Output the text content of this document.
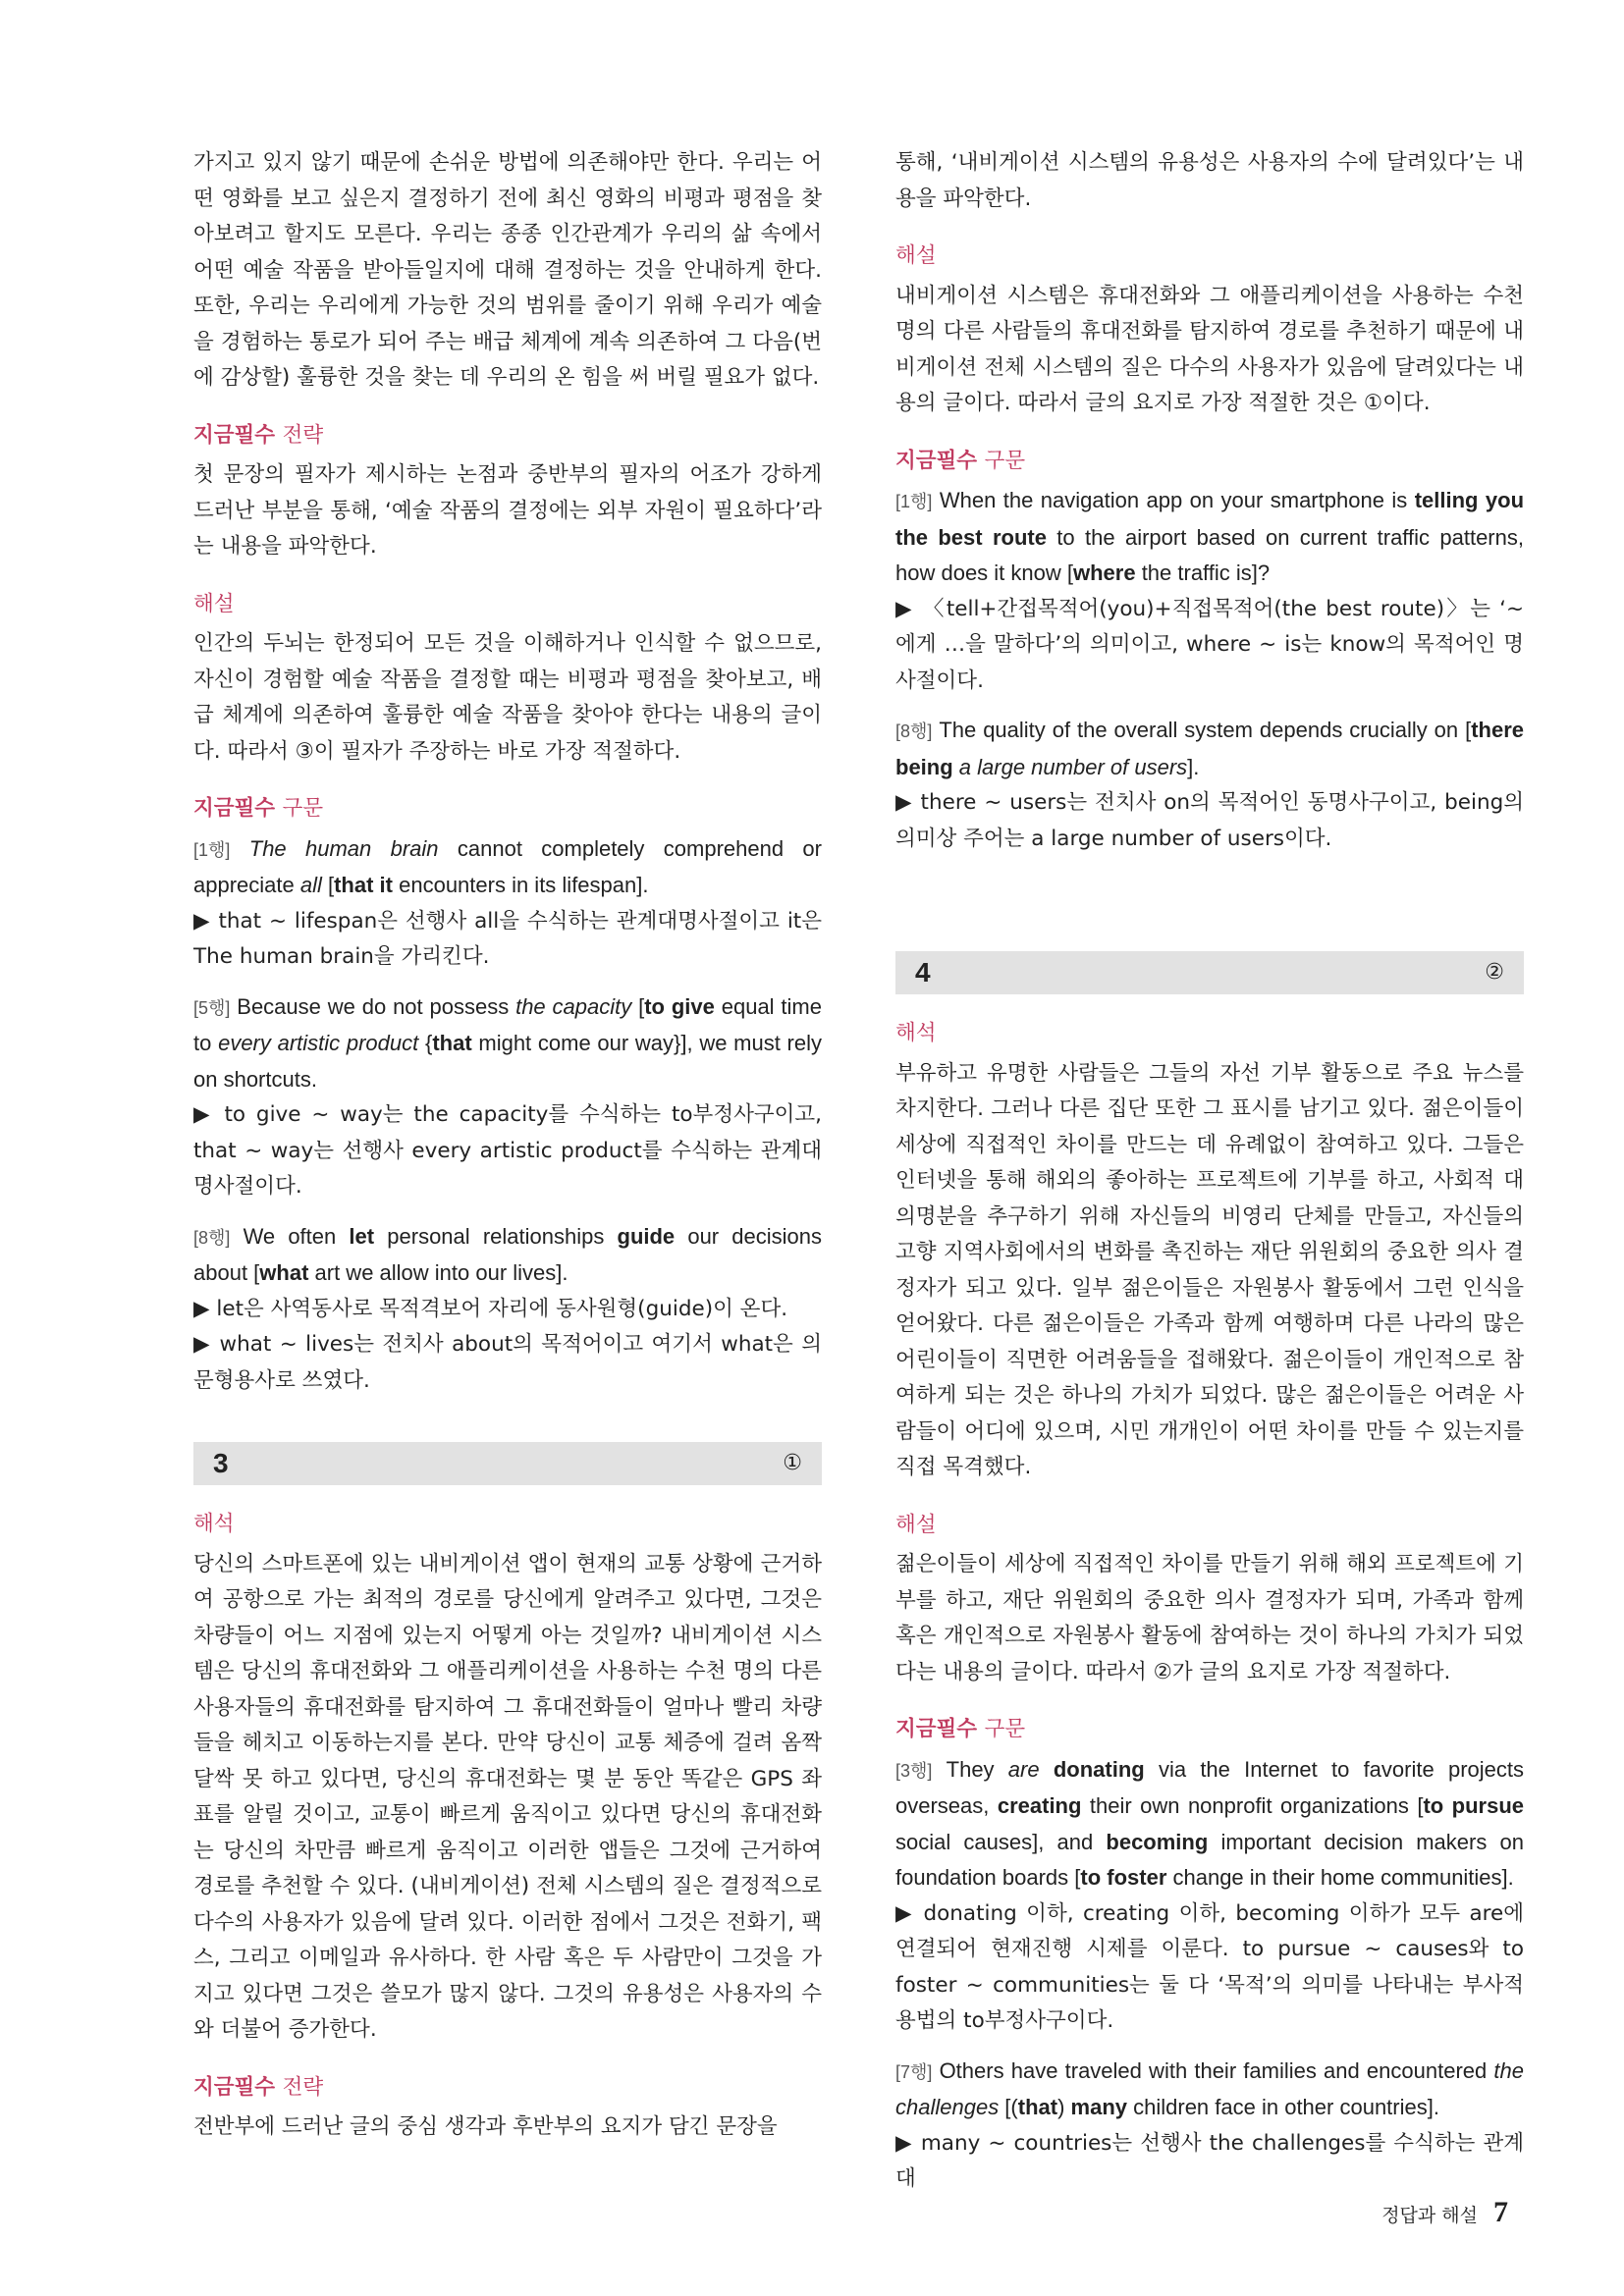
가지고 있지 않기 때문에 손쉬운 방법에 의존해야만 한다. 우리는 어떤 영화를 보고 싶은지 결정하기 전에 최신 영화의 비평과 평점을 찾아보려고 할지도 모른다. 우리는 종종 인간관계가 우리의 삶 속에서 어떤 예술 작품을 받아들일지에 대해 결정하는 것을 안내하게 한다. 또한, 우리는 우리에게 가능한 것의 범위를 줄이기 위해 우리가 예술을 경험하는 통로가 되어 주는 배급 체계에 계속 의존하여 그 다음(번에 감상할) 훌륭한 것을 찾는 데 우리의 온 힘을 써 버릴 필요가 없다.

지금필수 전략

첫 문장의 필자가 제시하는 논점과 중반부의 필자의 어조가 강하게 드러난 부분을 통해, ‘예술 작품의 결정에는 외부 자원이 필요하다’라는 내용을 파악한다.

해설

인간의 두뇌는 한정되어 모든 것을 이해하거나 인식할 수 없으므로, 자신이 경험할 예술 작품을 결정할 때는 비평과 평점을 찾아보고, 배급 체계에 의존하여 훌륭한 예술 작품을 찾아야 한다는 내용의 글이다. 따라서 ③이 필자가 주장하는 바로 가장 적절하다.

지금필수 구문

[1행] The human brain cannot completely comprehend or appreciate all [that it encounters in its lifespan].

▶ that ~ lifespan은 선행사 all을 수식하는 관계대명사절이고 it은 The human brain을 가리킨다.

[5행] Because we do not possess the capacity [to give equal time to every artistic product {that might come our way}], we must rely on shortcuts.

▶ to give ~ way는 the capacity를 수식하는 to부정사구이고, that ~ way는 선행사 every artistic product를 수식하는 관계대명사절이다.

[8행] We often let personal relationships guide our decisions about [what art we allow into our lives].

▶ let은 사역동사로 목적격보어 자리에 동사원형(guide)이 온다.

▶ what ~ lives는 전치사 about의 목적어이고 여기서 what은 의문형용사로 쓰였다.

3	①
해석

당신의 스마트폰에 있는 내비게이션 앱이 현재의 교통 상황에 근거하여 공항으로 가는 최적의 경로를 당신에게 알려주고 있다면, 그것은 차량들이 어느 지점에 있는지 어떻게 아는 것일까? 내비게이션 시스템은 당신의 휴대전화와 그 애플리케이션을 사용하는 수천 명의 다른 사용자들의 휴대전화를 탐지하여 그 휴대전화들이 얼마나 빨리 차량들을 헤치고 이동하는지를 본다. 만약 당신이 교통 체증에 걸려 옴짝달싹 못 하고 있다면, 당신의 휴대전화는 몇 분 동안 똑같은 GPS 좌표를 알릴 것이고, 교통이 빠르게 움직이고 있다면 당신의 휴대전화는 당신의 차만큼 빠르게 움직이고 이러한 앱들은 그것에 근거하여 경로를 추천할 수 있다. (내비게이션) 전체 시스템의 질은 결정적으로 다수의 사용자가 있음에 달려 있다. 이러한 점에서 그것은 전화기, 팩스, 그리고 이메일과 유사하다. 한 사람 혹은 두 사람만이 그것을 가지고 있다면 그것은 쓸모가 많지 않다. 그것의 유용성은 사용자의 수와 더불어 증가한다.

지금필수 전략

전반부에 드러난 글의 중심 생각과 후반부의 요지가 담긴 문장을

통해, ‘내비게이션 시스템의 유용성은 사용자의 수에 달려있다’는 내용을 파악한다.

해설

내비게이션 시스템은 휴대전화와 그 애플리케이션을 사용하는 수천 명의 다른 사람들의 휴대전화를 탐지하여 경로를 추천하기 때문에 내비게이션 전체 시스템의 질은 다수의 사용자가 있음에 달려있다는 내용의 글이다. 따라서 글의 요지로 가장 적절한 것은 ①이다.

지금필수 구문

[1행] When the navigation app on your smartphone is telling you the best route to the airport based on current traffic patterns, how does it know [where the traffic is]?

▶ 〈tell+간접목적어(you)+직접목적어(the best route)〉는 ‘~에게 …을 말하다’의 의미이고, where ~ is는 know의 목적어인 명사절이다.

[8행] The quality of the overall system depends crucially on [there being a large number of users].

▶ there ~ users는 전치사 on의 목적어인 동명사구이고, being의 의미상 주어는 a large number of users이다.

4	②
해석

부유하고 유명한 사람들은 그들의 자선 기부 활동으로 주요 뉴스를 차지한다. 그러나 다른 집단 또한 그 표시를 남기고 있다. 젊은이들이 세상에 직접적인 차이를 만드는 데 유례없이 참여하고 있다. 그들은 인터넷을 통해 해외의 좋아하는 프로젝트에 기부를 하고, 사회적 대의명분을 추구하기 위해 자신들의 비영리 단체를 만들고, 자신들의 고향 지역사회에서의 변화를 촉진하는 재단 위원회의 중요한 의사 결정자가 되고 있다. 일부 젊은이들은 자원봉사 활동에서 그런 인식을 얻어왔다. 다른 젊은이들은 가족과 함께 여행하며 다른 나라의 많은 어린이들이 직면한 어려움들을 접해왔다. 젊은이들이 개인적으로 참여하게 되는 것은 하나의 가치가 되었다. 많은 젊은이들은 어려운 사람들이 어디에 있으며, 시민 개개인이 어떤 차이를 만들 수 있는지를 직접 목격했다.

해설

젊은이들이 세상에 직접적인 차이를 만들기 위해 해외 프로젝트에 기부를 하고, 재단 위원회의 중요한 의사 결정자가 되며, 가족과 함께 혹은 개인적으로 자원봉사 활동에 참여하는 것이 하나의 가치가 되었다는 내용의 글이다. 따라서 ②가 글의 요지로 가장 적절하다.

지금필수 구문

[3행] They are donating via the Internet to favorite projects overseas, creating their own nonprofit organizations [to pursue social causes], and becoming important decision makers on foundation boards [to foster change in their home communities].

▶ donating 이하, creating 이하, becoming 이하가 모두 are에 연결되어 현재진행 시제를 이룬다. to pursue ~ causes와 to foster ~ communities는 둘 다 ‘목적’의 의미를 나타내는 부사적 용법의 to부정사구이다.

[7행] Others have traveled with their families and encountered the challenges [(that) many children face in other countries].

▶ many ~ countries는 선행사 the challenges를 수식하는 관계대

정답과 해설 7
